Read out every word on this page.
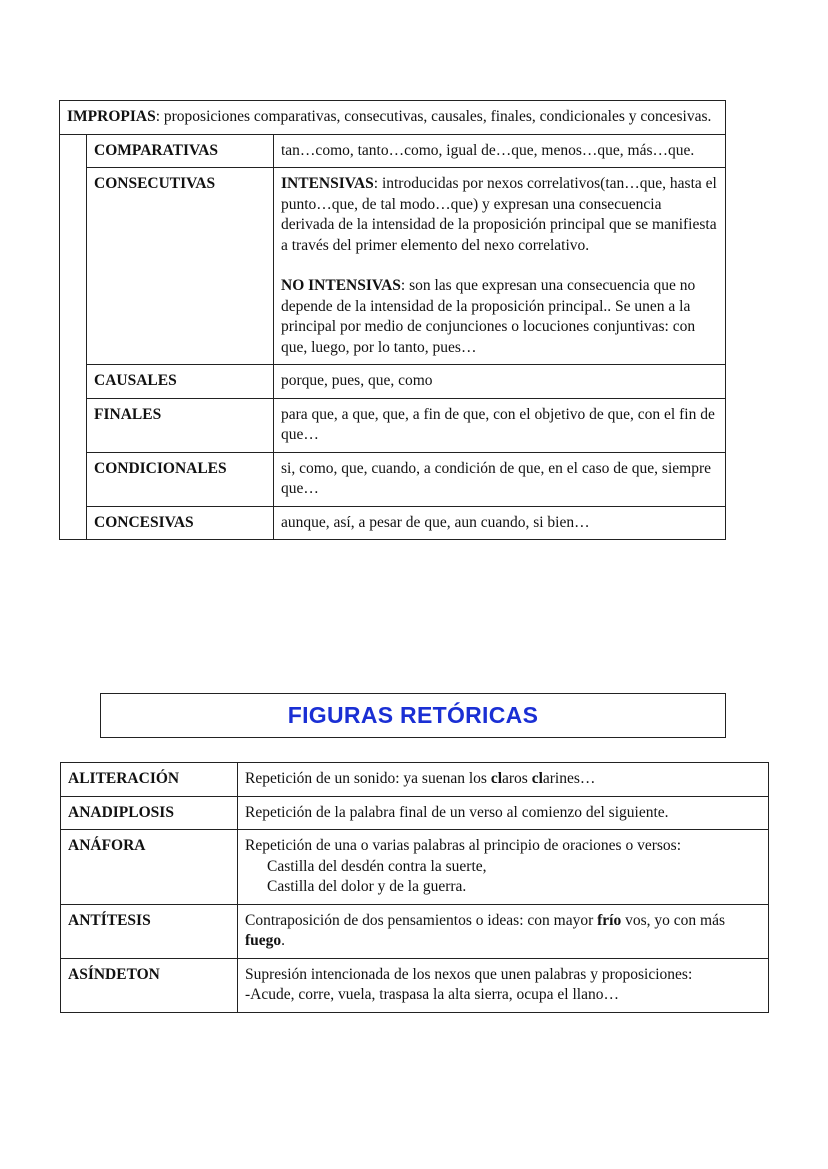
IMPROPIAS: proposiciones comparativas, consecutivas, causales, finales, condicionales y concesivas.		
	COMPARATIVAS	tan…como, tanto…como, igual de…que, menos…que, más…que.
	CONSECUTIVAS	INTENSIVAS: introducidas por nexos correlativos(tan…que, hasta el punto…que, de tal modo…que) y expresan una consecuencia derivada de la intensidad de la proposición principal que se manifiesta a través del primer elemento del nexo correlativo.

NO INTENSIVAS: son las que expresan una consecuencia que no depende de la intensidad de la proposición principal.. Se unen a la principal por medio de conjunciones o locuciones conjuntivas: con que, luego, por lo tanto, pues…

	CAUSALES	porque, pues, que, como
	FINALES	para que, a que, que, a fin de que, con el objetivo de que, con el fin de que…
	CONDICIONALES	si, como, que, cuando, a condición de que, en el caso de que, siempre que…
	CONCESIVAS	aunque, así, a pesar de que, aun cuando, si bien…
FIGURAS RETÓRICAS
ALITERACIÓN	Repetición de un sonido: ya suenan los claros clarines…
ANADIPLOSIS	Repetición de la palabra final de un verso al comienzo del siguiente.
ANÁFORA	Repetición de una o varias palabras al principio de oraciones o versos:
Castilla del desdén contra la suerte,
Castilla del dolor y de la guerra.

ANTÍTESIS	Contraposición de dos pensamientos o ideas: con mayor frío vos, yo con más fuego.
ASÍNDETON	Supresión intencionada de los nexos que unen palabras y proposiciones:
-Acude, corre, vuela, traspasa la alta sierra, ocupa el llano…
